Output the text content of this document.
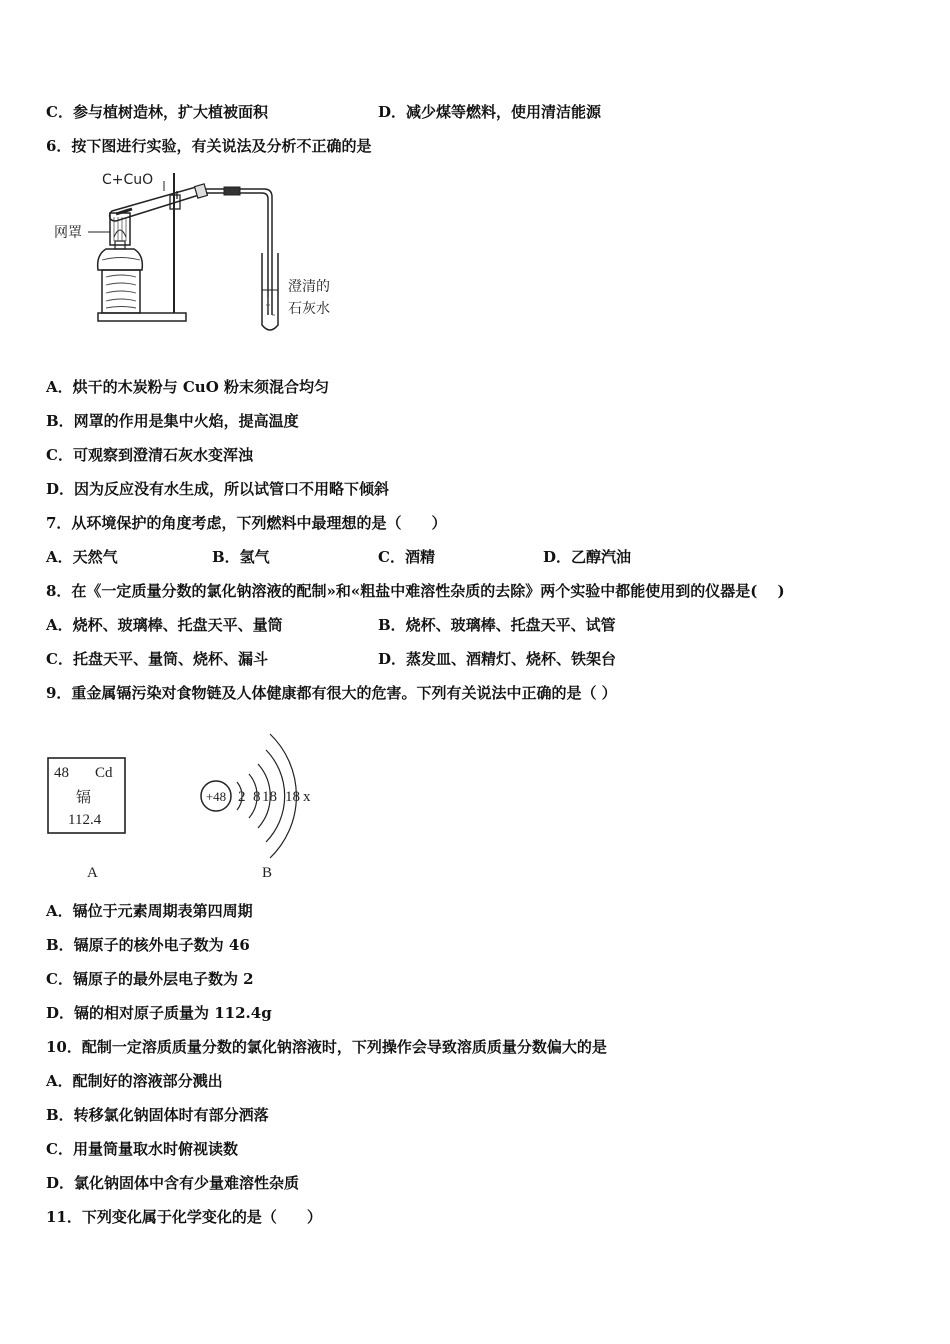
C．参与植树造林，扩大植被面积	D．减少煤等燃料，使用清洁能源
6．按下图进行实验，有关说法及分析不正确的是
C+CuO
网罩
澄清的
石灰水
A．烘干的木炭粉与 CuO 粉末须混合均匀
B．网罩的作用是集中火焰，提高温度
C．可观察到澄清石灰水变浑浊
D．因为反应没有水生成，所以试管口不用略下倾斜
7．从环境保护的角度考虑，下列燃料中最理想的是（　　）
A．天然气	B．氢气	C．酒精	D．乙醇汽油
8．在《一定质量分数的氯化钠溶液的配制»和«粗盐中难溶性杂质的去除》两个实验中都能使用到的仪器是(　 )
A．烧杯、玻璃棒、托盘天平、量筒	B．烧杯、玻璃棒、托盘天平、试管
C．托盘天平、量筒、烧杯、漏斗	D．蒸发皿、酒精灯、烧杯、铁架台
9．重金属镉污染对食物链及人体健康都有很大的危害。下列有关说法中正确的是（ ）
48 Cd
镉
112.4
A
+48 2 8 18 18 x
B
A．镉位于元素周期表第四周期
B．镉原子的核外电子数为 46
C．镉原子的最外层电子数为 2
D．镉的相对原子质量为 112.4g
10．配制一定溶质质量分数的氯化钠溶液时，下列操作会导致溶质质量分数偏大的是
A．配制好的溶液部分溅出
B．转移氯化钠固体时有部分洒落
C．用量筒量取水时俯视读数
D．氯化钠固体中含有少量难溶性杂质
11．下列变化属于化学变化的是（　　）
